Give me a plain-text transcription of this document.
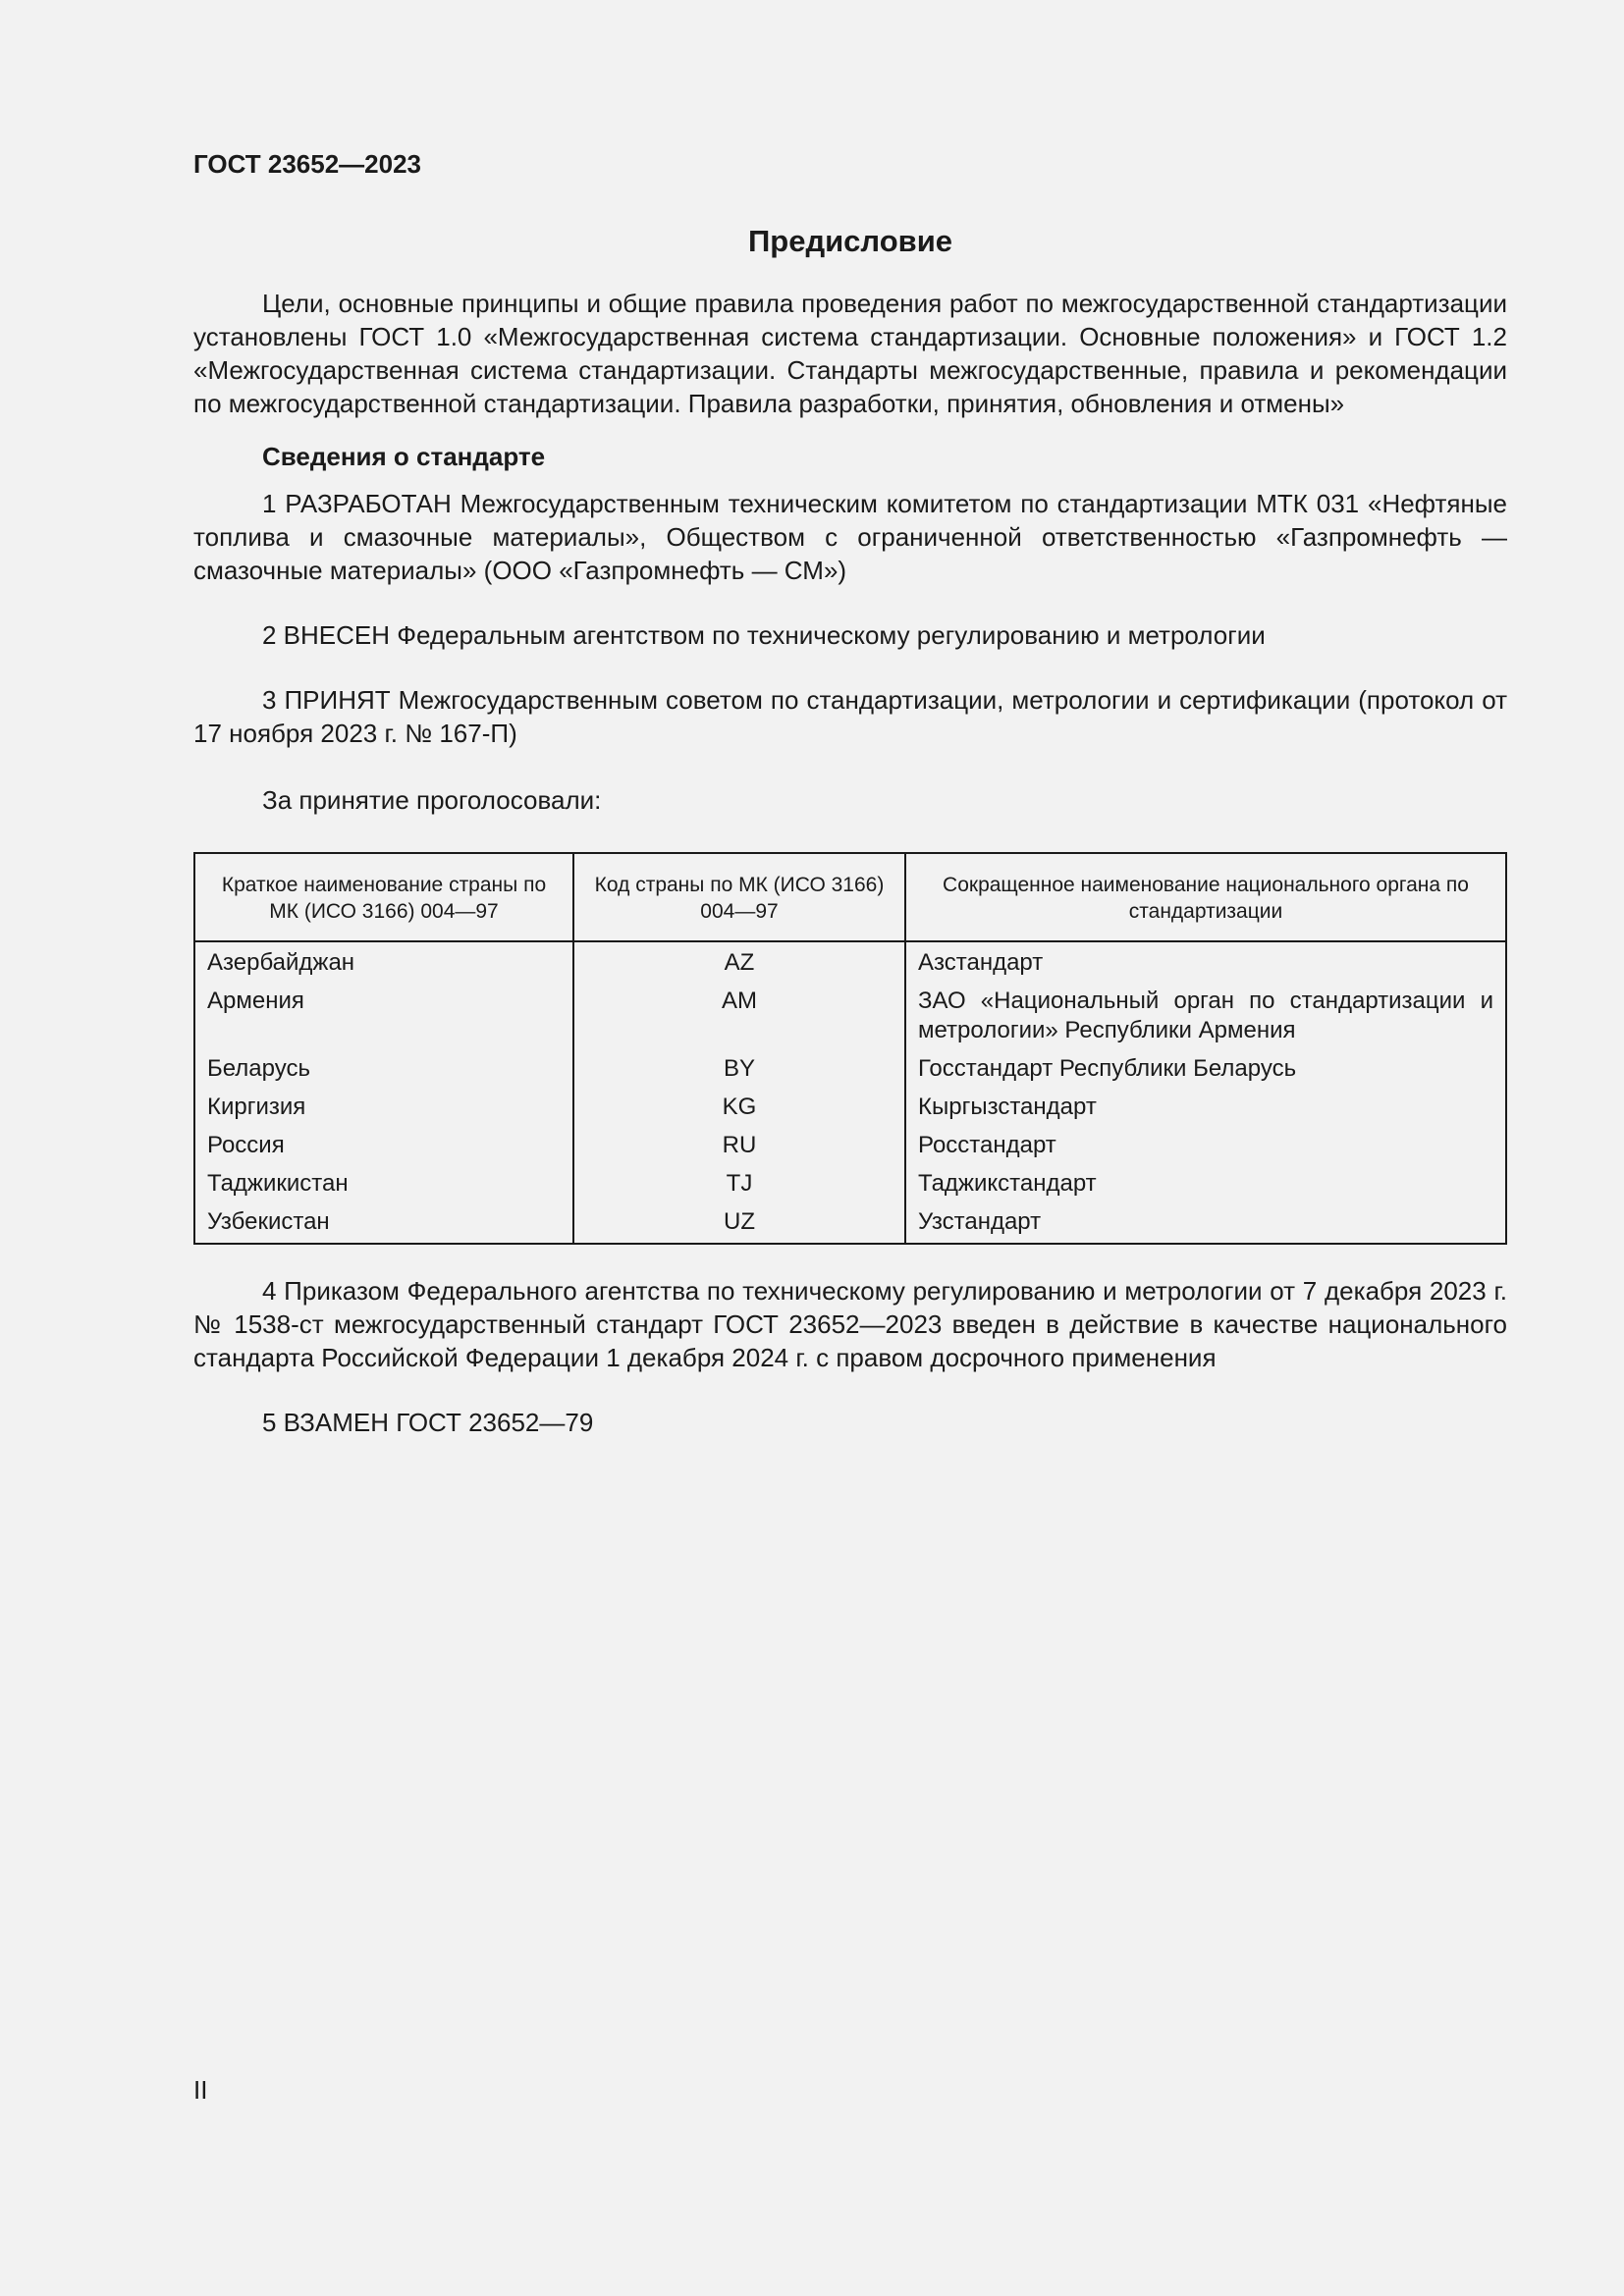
ГОСТ 23652—2023
Предисловие

Цели, основные принципы и общие правила проведения работ по межгосударственной стандартизации установлены ГОСТ 1.0 «Межгосударственная система стандартизации. Основные положения» и ГОСТ 1.2 «Межгосударственная система стандартизации. Стандарты межгосударственные, правила и рекомендации по межгосударственной стандартизации. Правила разработки, принятия, обновления и отмены»

Сведения о стандарте

1 РАЗРАБОТАН Межгосударственным техническим комитетом по стандартизации МТК 031 «Нефтяные топлива и смазочные материалы», Обществом с ограниченной ответственностью «Газпромнефть — смазочные материалы» (ООО «Газпромнефть — СМ»)

2 ВНЕСЕН Федеральным агентством по техническому регулированию и метрологии

3 ПРИНЯТ Межгосударственным советом по стандартизации, метрологии и сертификации (протокол от 17 ноября 2023 г. № 167-П)

За принятие проголосовали:

Краткое наименование страны по МК (ИСО 3166) 004—97	Код страны по МК (ИСО 3166) 004—97	Сокращенное наименование национального органа по стандартизации
Азербайджан	AZ	Азстандарт
Армения	AM	ЗАО «Национальный орган по стандартизации и метрологии» Республики Армения
Беларусь	BY	Госстандарт Республики Беларусь
Киргизия	KG	Кыргызстандарт
Россия	RU	Росстандарт
Таджикистан	TJ	Таджикстандарт
Узбекистан	UZ	Узстандарт

4 Приказом Федерального агентства по техническому регулированию и метрологии от 7 декабря 2023 г. № 1538-ст межгосударственный стандарт ГОСТ 23652—2023 введен в действие в качестве национального стандарта Российской Федерации 1 декабря 2024 г. с правом досрочного применения

5 ВЗАМЕН ГОСТ 23652—79

II
